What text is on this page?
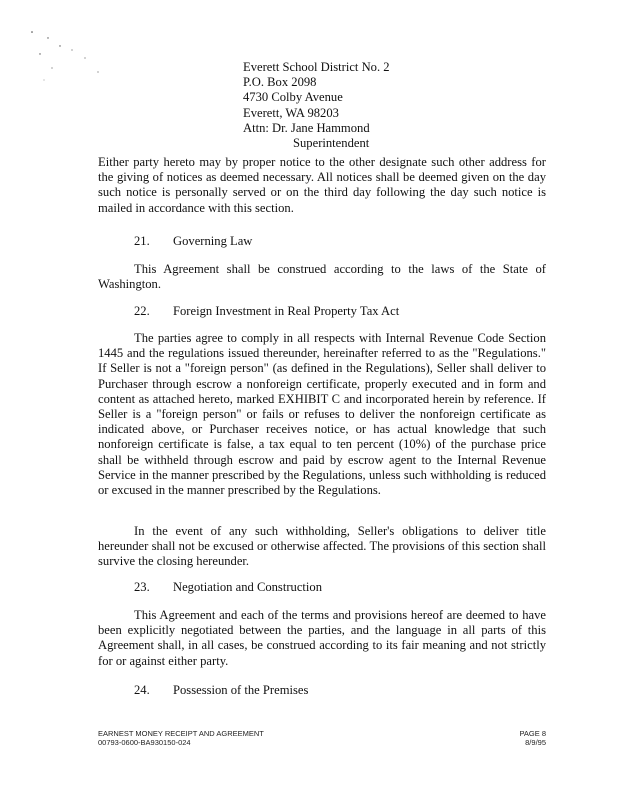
Everett School District No. 2
P.O. Box 2098
4730 Colby Avenue
Everett, WA 98203
Attn: Dr. Jane Hammond
Superintendent

Either party hereto may by proper notice to the other designate such other address for the giving of notices as deemed necessary. All notices shall be deemed given on the day such notice is personally served or on the third day following the day such notice is mailed in accordance with this section.

21. Governing Law

This Agreement shall be construed according to the laws of the State of Washington.

22. Foreign Investment in Real Property Tax Act

The parties agree to comply in all respects with Internal Revenue Code Section 1445 and the regulations issued thereunder, hereinafter referred to as the "Regulations." If Seller is not a "foreign person" (as defined in the Regulations), Seller shall deliver to Purchaser through escrow a nonforeign certificate, properly executed and in form and content as attached hereto, marked EXHIBIT C and incorporated herein by reference. If Seller is a "foreign person" or fails or refuses to deliver the nonforeign certificate as indicated above, or Purchaser receives notice, or has actual knowledge that such nonforeign certificate is false, a tax equal to ten percent (10%) of the purchase price shall be withheld through escrow and paid by escrow agent to the Internal Revenue Service in the manner prescribed by the Regulations, unless such withholding is reduced or excused in the manner prescribed by the Regulations.

In the event of any such withholding, Seller's obligations to deliver title hereunder shall not be excused or otherwise affected. The provisions of this section shall survive the closing hereunder.

23. Negotiation and Construction

This Agreement and each of the terms and provisions hereof are deemed to have been explicitly negotiated between the parties, and the language in all parts of this Agreement shall, in all cases, be construed according to its fair meaning and not strictly for or against either party.

24. Possession of the Premises
EARNEST MONEY RECEIPT AND AGREEMENT
00793-0600-BA930150-024
PAGE 8
8/9/95
